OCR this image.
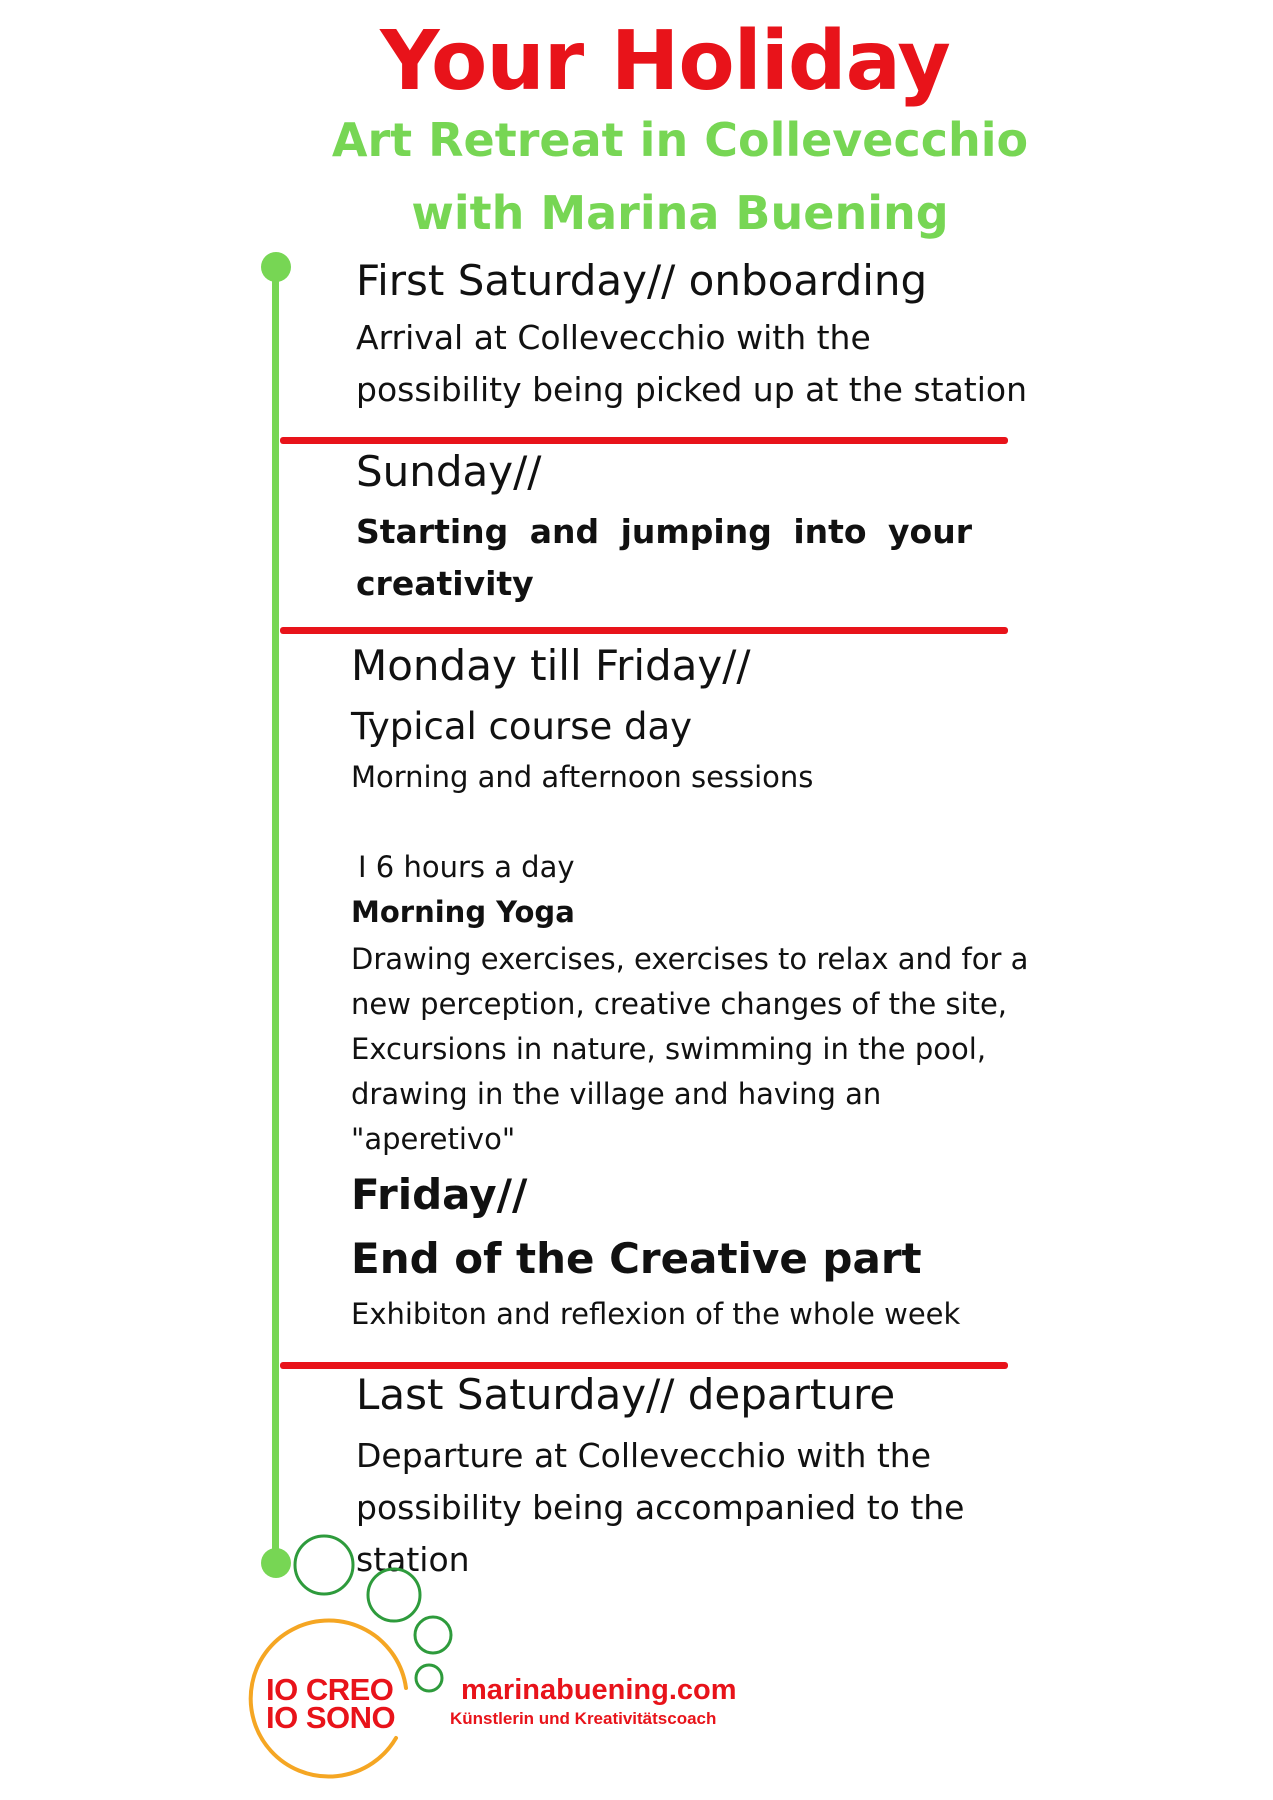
Your Holiday
Art Retreat in Collevecchio
with Marina Buening
First Saturday// onboarding
Arrival at Collevecchio with the
possibility being picked up at the station
Sunday//
Starting and jumping into your
creativity
Monday till Friday//
Typical course day
Morning and afternoon sessions
I 6 hours a day
Morning Yoga
Drawing exercises, exercises to relax and for a new perception, creative changes of the site, Excursions in nature, swimming in the pool, drawing in the village and having an "aperetivo"
Friday//
End of the Creative part
Exhibiton and reflexion of the whole week
Last Saturday// departure
Departure at Collevecchio with the possibility being accompanied to the station
IO CREO
IO SONO
marinabuening.com
Künstlerin und Kreativitätscoach
